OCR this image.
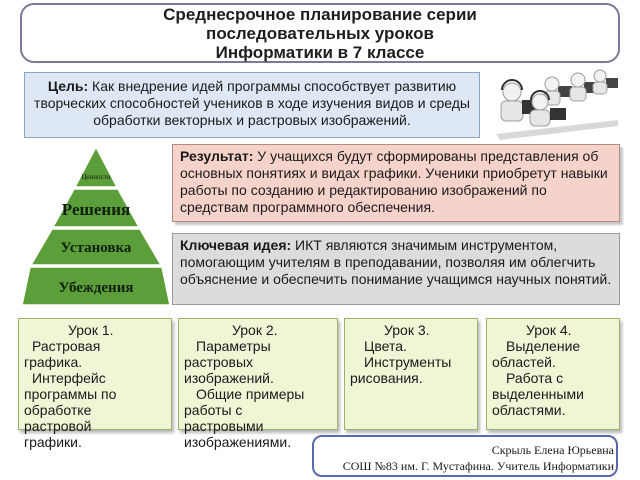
Среднесрочное планирование серии
последовательных уроков
Информатики в 7 классе
Цель: Как внедрение идей программы способствует развитию творческих способностей учеников в ходе изучения видов и среды обработки векторных и растровых изображений.
Ценности
Решения
Установка
Убеждения
Результат: У учащихся будут сформированы представления об основных понятиях и видах графики. Ученики приобретут навыки работы по созданию и редактированию изображений по средствам программного обеспечения.
Ключевая идея: ИКТ являются значимым инструментом, помогающим учителям в преподавании, позволяя им облегчить объяснение и обеспечить понимание учащимся научных понятий.
Урок 1.
Растровая
графика.
Интерфейс
программы по
обработке
растровой
графики.
Урок 2.
Параметры
растровых
изображений.
Общие примеры
работы с
растровыми
изображениями.
Урок 3.
Цвета.
Инструменты
рисования.
Урок 4.
Выделение
областей.
Работа с
выделенными
областями.
Скрыль Елена Юрьевна
СОШ №83 им. Г. Мустафина. Учитель Информатики
